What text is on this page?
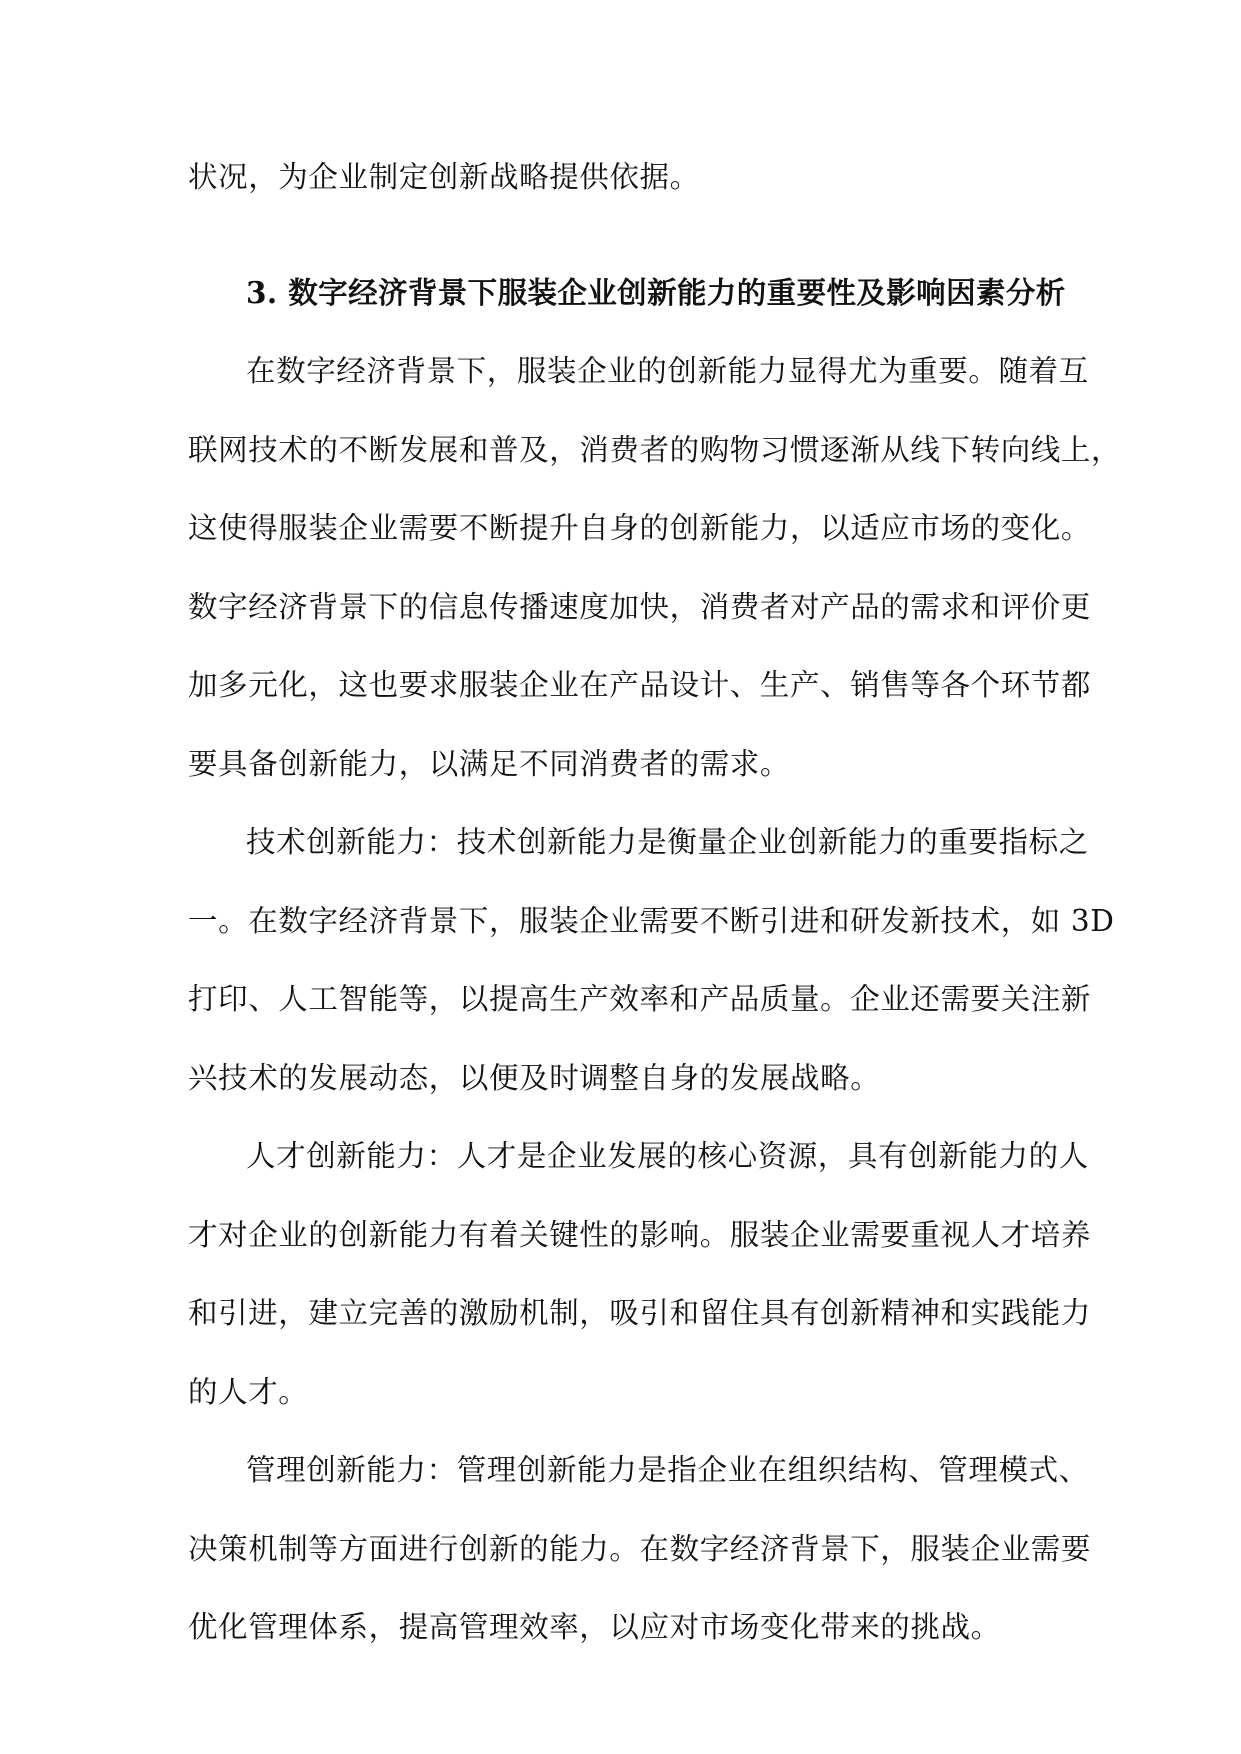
状况，为企业制定创新战略提供依据。
3. 数字经济背景下服装企业创新能力的重要性及影响因素分析
在数字经济背景下，服装企业的创新能力显得尤为重要。随着互
联网技术的不断发展和普及，消费者的购物习惯逐渐从线下转向线上，
这使得服装企业需要不断提升自身的创新能力，以适应市场的变化。
数字经济背景下的信息传播速度加快，消费者对产品的需求和评价更
加多元化，这也要求服装企业在产品设计、生产、销售等各个环节都
要具备创新能力，以满足不同消费者的需求。
技术创新能力：技术创新能力是衡量企业创新能力的重要指标之
一。在数字经济背景下，服装企业需要不断引进和研发新技术，如 3D
打印、人工智能等，以提高生产效率和产品质量。企业还需要关注新
兴技术的发展动态，以便及时调整自身的发展战略。
人才创新能力：人才是企业发展的核心资源，具有创新能力的人
才对企业的创新能力有着关键性的影响。服装企业需要重视人才培养
和引进，建立完善的激励机制，吸引和留住具有创新精神和实践能力
的人才。
管理创新能力：管理创新能力是指企业在组织结构、管理模式、
决策机制等方面进行创新的能力。在数字经济背景下，服装企业需要
优化管理体系，提高管理效率，以应对市场变化带来的挑战。
